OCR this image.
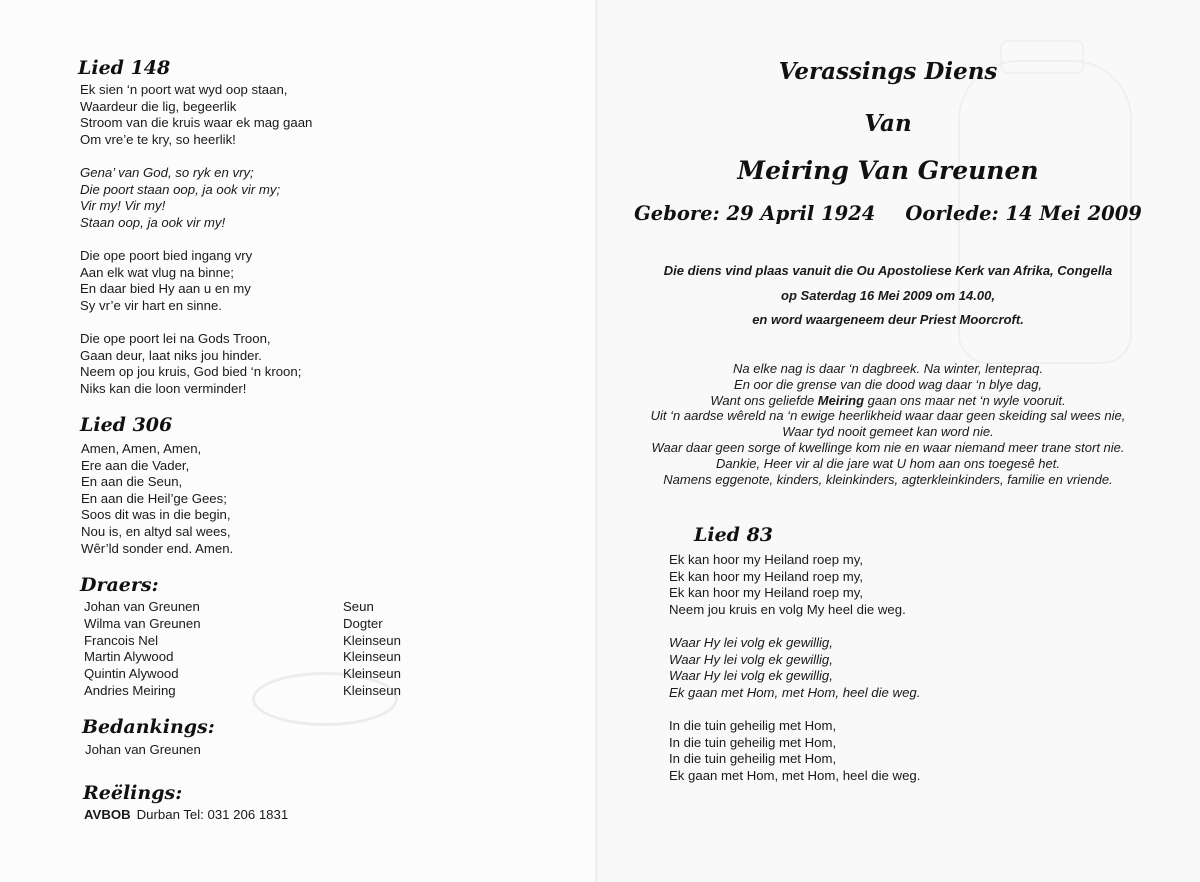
Lied 148
Ek sien ‘n poort wat wyd oop staan,
Waardeur die lig, begeerlik
Stroom van die kruis waar ek mag gaan
Om vre’e te kry, so heerlik!
Gena’ van God, so ryk en vry;
Die poort staan oop, ja ook vir my;
Vir my! Vir my!
Staan oop, ja ook vir my!
Die ope poort bied ingang vry
Aan elk wat vlug na binne;
En daar bied Hy aan u en my
Sy vr’e vir hart en sinne.
Die ope poort lei na Gods Troon,
Gaan deur, laat niks jou hinder.
Neem op jou kruis, God bied ‘n kroon;
Niks kan die loon verminder!
Lied 306
Amen, Amen, Amen,
Ere aan die Vader,
En aan die Seun,
En aan die Heil’ge Gees;
Soos dit was in die begin,
Nou is, en altyd sal wees,
Wêr’ld sonder end. Amen.
Draers:
Johan van Greunen
Wilma van Greunen
Francois Nel
Martin Alywood
Quintin Alywood
Andries Meiring
Seun
Dogter
Kleinseun
Kleinseun
Kleinseun
Kleinseun
Bedankings:
Johan van Greunen
Reëlings:
AVBOB Durban Tel: 031 206 1831
Verassings Diens
Van
Meiring Van Greunen
Gebore: 29 April 1924 Oorlede: 14 Mei 2009
Die diens vind plaas vanuit die Ou Apostoliese Kerk van Afrika, Congella
op Saterdag 16 Mei 2009 om 14.00,
en word waargeneem deur Priest Moorcroft.
Na elke nag is daar ‘n dagbreek. Na winter, lentepraq.
En oor die grense van die dood wag daar ‘n blye dag,
Want ons geliefde Meiring gaan ons maar net ‘n wyle vooruit.
Uit ‘n aardse wêreld na ‘n ewige heerlikheid waar daar geen skeiding sal wees nie,
Waar tyd nooit gemeet kan word nie.
Waar daar geen sorge of kwellinge kom nie en waar niemand meer trane stort nie.
Dankie, Heer vir al die jare wat U hom aan ons toegesê het.
Namens eggenote, kinders, kleinkinders, agterkleinkinders, familie en vriende.
Lied 83
Ek kan hoor my Heiland roep my,
Ek kan hoor my Heiland roep my,
Ek kan hoor my Heiland roep my,
Neem jou kruis en volg My heel die weg.
Waar Hy lei volg ek gewillig,
Waar Hy lei volg ek gewillig,
Waar Hy lei volg ek gewillig,
Ek gaan met Hom, met Hom, heel die weg.
In die tuin geheilig met Hom,
In die tuin geheilig met Hom,
In die tuin geheilig met Hom,
Ek gaan met Hom, met Hom, heel die weg.
